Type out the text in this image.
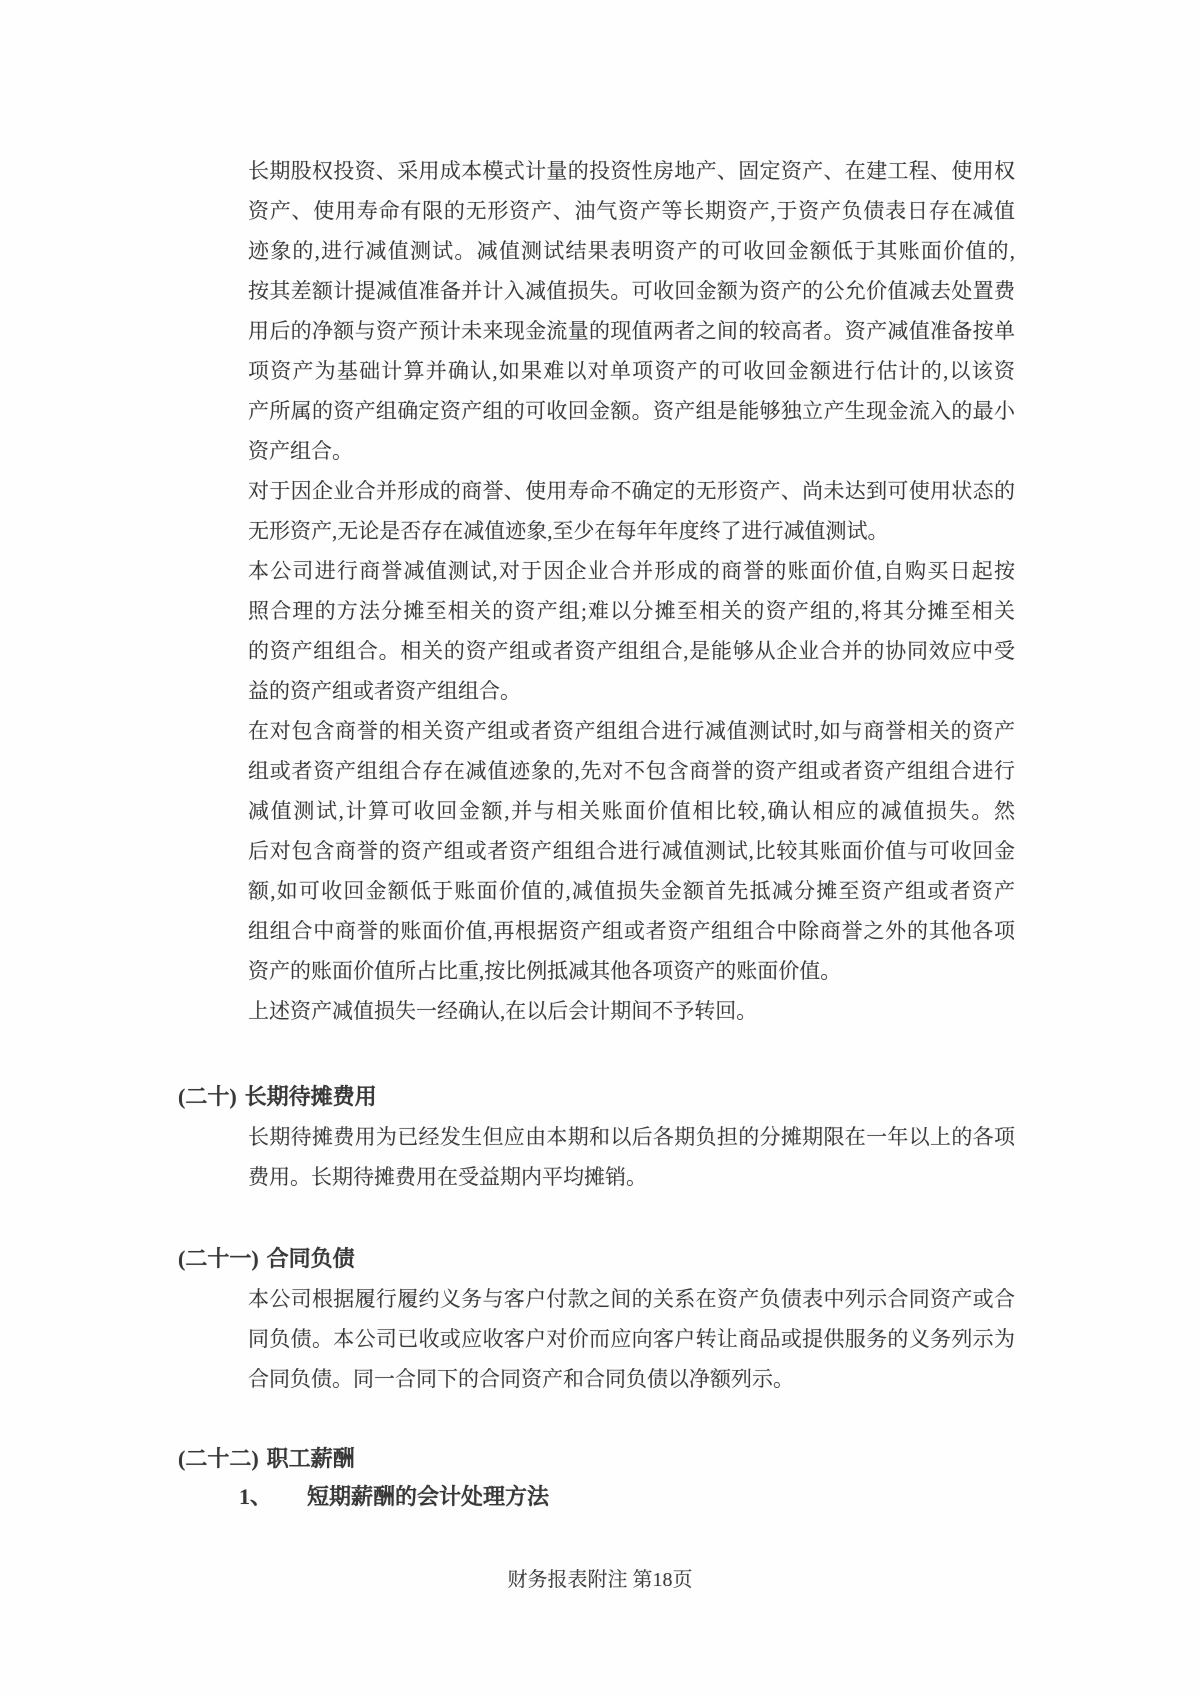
长期股权投资、采用成本模式计量的投资性房地产、固定资产、在建工程、使用权
资产、使用寿命有限的无形资产、油气资产等长期资产,于资产负债表日存在减值
迹象的,进行减值测试。减值测试结果表明资产的可收回金额低于其账面价值的,
按其差额计提减值准备并计入减值损失。可收回金额为资产的公允价值减去处置费
用后的净额与资产预计未来现金流量的现值两者之间的较高者。资产减值准备按单
项资产为基础计算并确认,如果难以对单项资产的可收回金额进行估计的,以该资
产所属的资产组确定资产组的可收回金额。资产组是能够独立产生现金流入的最小
资产组合。
对于因企业合并形成的商誉、使用寿命不确定的无形资产、尚未达到可使用状态的
无形资产,无论是否存在减值迹象,至少在每年年度终了进行减值测试。
本公司进行商誉减值测试,对于因企业合并形成的商誉的账面价值,自购买日起按
照合理的方法分摊至相关的资产组;难以分摊至相关的资产组的,将其分摊至相关
的资产组组合。相关的资产组或者资产组组合,是能够从企业合并的协同效应中受
益的资产组或者资产组组合。
在对包含商誉的相关资产组或者资产组组合进行减值测试时,如与商誉相关的资产
组或者资产组组合存在减值迹象的,先对不包含商誉的资产组或者资产组组合进行
减值测试,计算可收回金额,并与相关账面价值相比较,确认相应的减值损失。然
后对包含商誉的资产组或者资产组组合进行减值测试,比较其账面价值与可收回金
额,如可收回金额低于账面价值的,减值损失金额首先抵减分摊至资产组或者资产
组组合中商誉的账面价值,再根据资产组或者资产组组合中除商誉之外的其他各项
资产的账面价值所占比重,按比例抵减其他各项资产的账面价值。
上述资产减值损失一经确认,在以后会计期间不予转回。
(二十) 长期待摊费用
长期待摊费用为已经发生但应由本期和以后各期负担的分摊期限在一年以上的各项
费用。长期待摊费用在受益期内平均摊销。
(二十一) 合同负债
本公司根据履行履约义务与客户付款之间的关系在资产负债表中列示合同资产或合
同负债。本公司已收或应收客户对价而应向客户转让商品或提供服务的义务列示为
合同负债。同一合同下的合同资产和合同负债以净额列示。
(二十二) 职工薪酬
1、	短期薪酬的会计处理方法
财务报表附注 第18页
